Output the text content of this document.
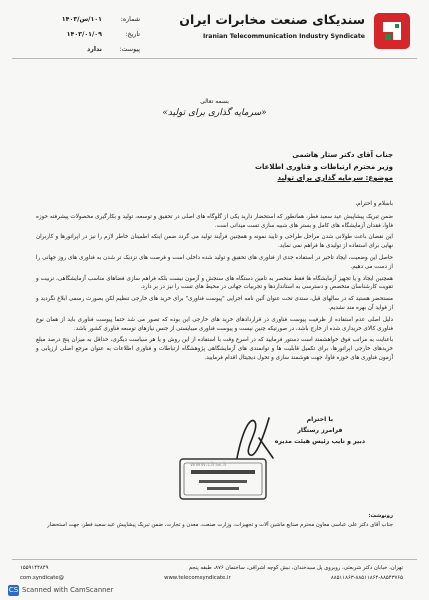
سندیکای صنعت مخابرات ایران
Iranian Telecommunication Industry Syndicate
شماره:
۱۰۱/س/۱۴۰۳
تاریخ:
۱۴۰۳/۰۱/۰۹
پیوست:
ندارد
بسمه تعالی
«سرمایه گذاری برای تولید»
جناب آقای دکتر ستار هاشمی
وزیر محترم ارتباطات و فناوری اطلاعات
موضوع: سرمایه گذاری برای تولید

باسلام و احترام،

ضمن تبریک پیشاپیش عید سعید فطر، همانطور که استحضار دارید یکی از گلوگاه های اصلی در تحقیق و توسعه، تولید و بکارگیری محصولات پیشرفته حوزه فاوا، فقدان آزمایشگاه های کامل و بستر های شبیه سازی تست میدانی است.

این نقصان باعث طولانی شدن مراحل طراحی و تایید نمونه و همچنین فرآیند تولید می گردد ضمن اینکه اطمینان خاطر لازم را نیز در اپراتورها و کاربران نهایی برای استفاده از تولیدی ها فراهم نمی نماید.

حاصل این وضعیت، ایجاد تاخیر در استفاده جدی از فناوری های تحقیق و تولید شده داخلی است و فرصت های نزدیک تر شدن به فناوری های روز جهانی را از دست می دهیم.

همچنین ایجاد و یا تجهیز آزمایشگاه ها فقط منحصر به تامین دستگاه های سنجش و آزمون نیست بلکه فراهم سازی فضاهای مناسب آزمایشگاهی، تربیت و تقویت کارشناسان متخصص و دسترسی به استانداردها و تجربیات جهانی در محیط های تست را نیز در بر دارد.

مستحضر هستید که در سالهای قبل، سندی تحت عنوان آئین نامه اجرایی "پیوست فناوری" برای خرید های خارجی تنظیم لکن بصورت رسمی ابلاغ نگردید و از فواید آن بهره مند نشدیم.

دلیل اصلی عدم استفاده از ظرفیت پیوست فناوری در قراردادهای خرید های خارجی این بوده که تصور می شد حتما پیوست فناوری باید از همان نوع فناوری کالای خریداری شده از خارج باشد، در صورتیکه چنین نیست و پیوست فناوری میبایستی از جنس نیازهای توسعه فناوری کشور باشد.

باعنایت به مراتب فوق خواهشمند است دستور فرمایید که در اسرع وقت با استفاده از این روش و یا هر سیاست دیگری، حداقل به میزان پنج درصد مبلغ خریدهای خارجی اپراتورها، برای تکمیل قابلیت ها و توانمندی های آزمایشگاهی پژوهشگاه ارتباطات و فناوری اطلاعات به عنوان مرجع اصلی ارزیابی و آزمون فناوری های حوزه فاوا، جهت هوشمند سازی و تحول دیجیتال اقدام فرمایید.

با احترام
فرامرز رستگار
دبیر و نایب رئیس هیئت مدیره
www.cIna.ir
رونوشت:
جناب آقای دکتر علی عباسی معاون محترم صنایع ماشین آلات و تجهیزات، وزارت صنعت، معدن و تجارت، ضمن تبریک پیشاپیش عید سعید فطر، جهت استحضار
تهران، خیابان دکتر شریعتی، روبروی پل سیدخندان، نبش کوچه اشراقی، ساختمان ۸۷۶، طبقه پنجم
۱۵۵۹۱۴۴۸۴۹
۸۸۵۱۱۸۶۳-۸۸۵۱۱۸۶۴-۸۸۵۴۳۷۶۵
www.telecomsyndicate.ir
com.syndicate@
CS Scanned with CamScanner
